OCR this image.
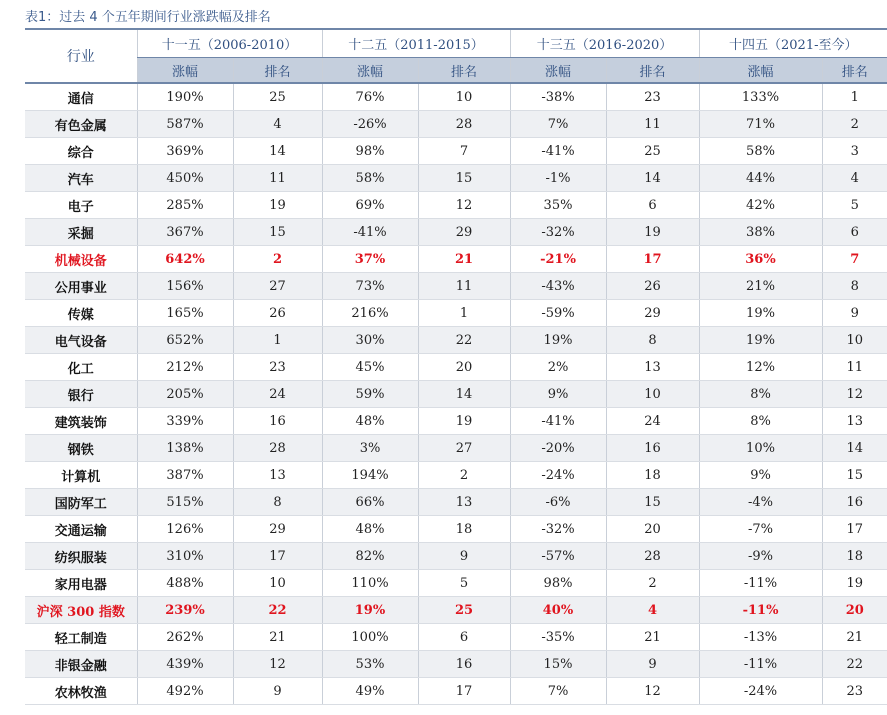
表1：过去 4 个五年期间行业涨跌幅及排名
行业	十一五（2006-2010）		十二五（2011-2015）		十三五（2016-2020）		十四五（2021-至今）	
	涨幅	排名	涨幅	排名	涨幅	排名	涨幅	排名
通信	190%	25	76%	10	-38%	23	133%	1
有色金属	587%	4	-26%	28	7%	11	71%	2
综合	369%	14	98%	7	-41%	25	58%	3
汽车	450%	11	58%	15	-1%	14	44%	4
电子	285%	19	69%	12	35%	6	42%	5
采掘	367%	15	-41%	29	-32%	19	38%	6
机械设备	642%	2	37%	21	-21%	17	36%	7
公用事业	156%	27	73%	11	-43%	26	21%	8
传媒	165%	26	216%	1	-59%	29	19%	9
电气设备	652%	1	30%	22	19%	8	19%	10
化工	212%	23	45%	20	2%	13	12%	11
银行	205%	24	59%	14	9%	10	8%	12
建筑装饰	339%	16	48%	19	-41%	24	8%	13
钢铁	138%	28	3%	27	-20%	16	10%	14
计算机	387%	13	194%	2	-24%	18	9%	15
国防军工	515%	8	66%	13	-6%	15	-4%	16
交通运输	126%	29	48%	18	-32%	20	-7%	17
纺织服装	310%	17	82%	9	-57%	28	-9%	18
家用电器	488%	10	110%	5	98%	2	-11%	19
沪深 300 指数	239%	22	19%	25	40%	4	-11%	20
轻工制造	262%	21	100%	6	-35%	21	-13%	21
非银金融	439%	12	53%	16	15%	9	-11%	22
农林牧渔	492%	9	49%	17	7%	12	-24%	23
